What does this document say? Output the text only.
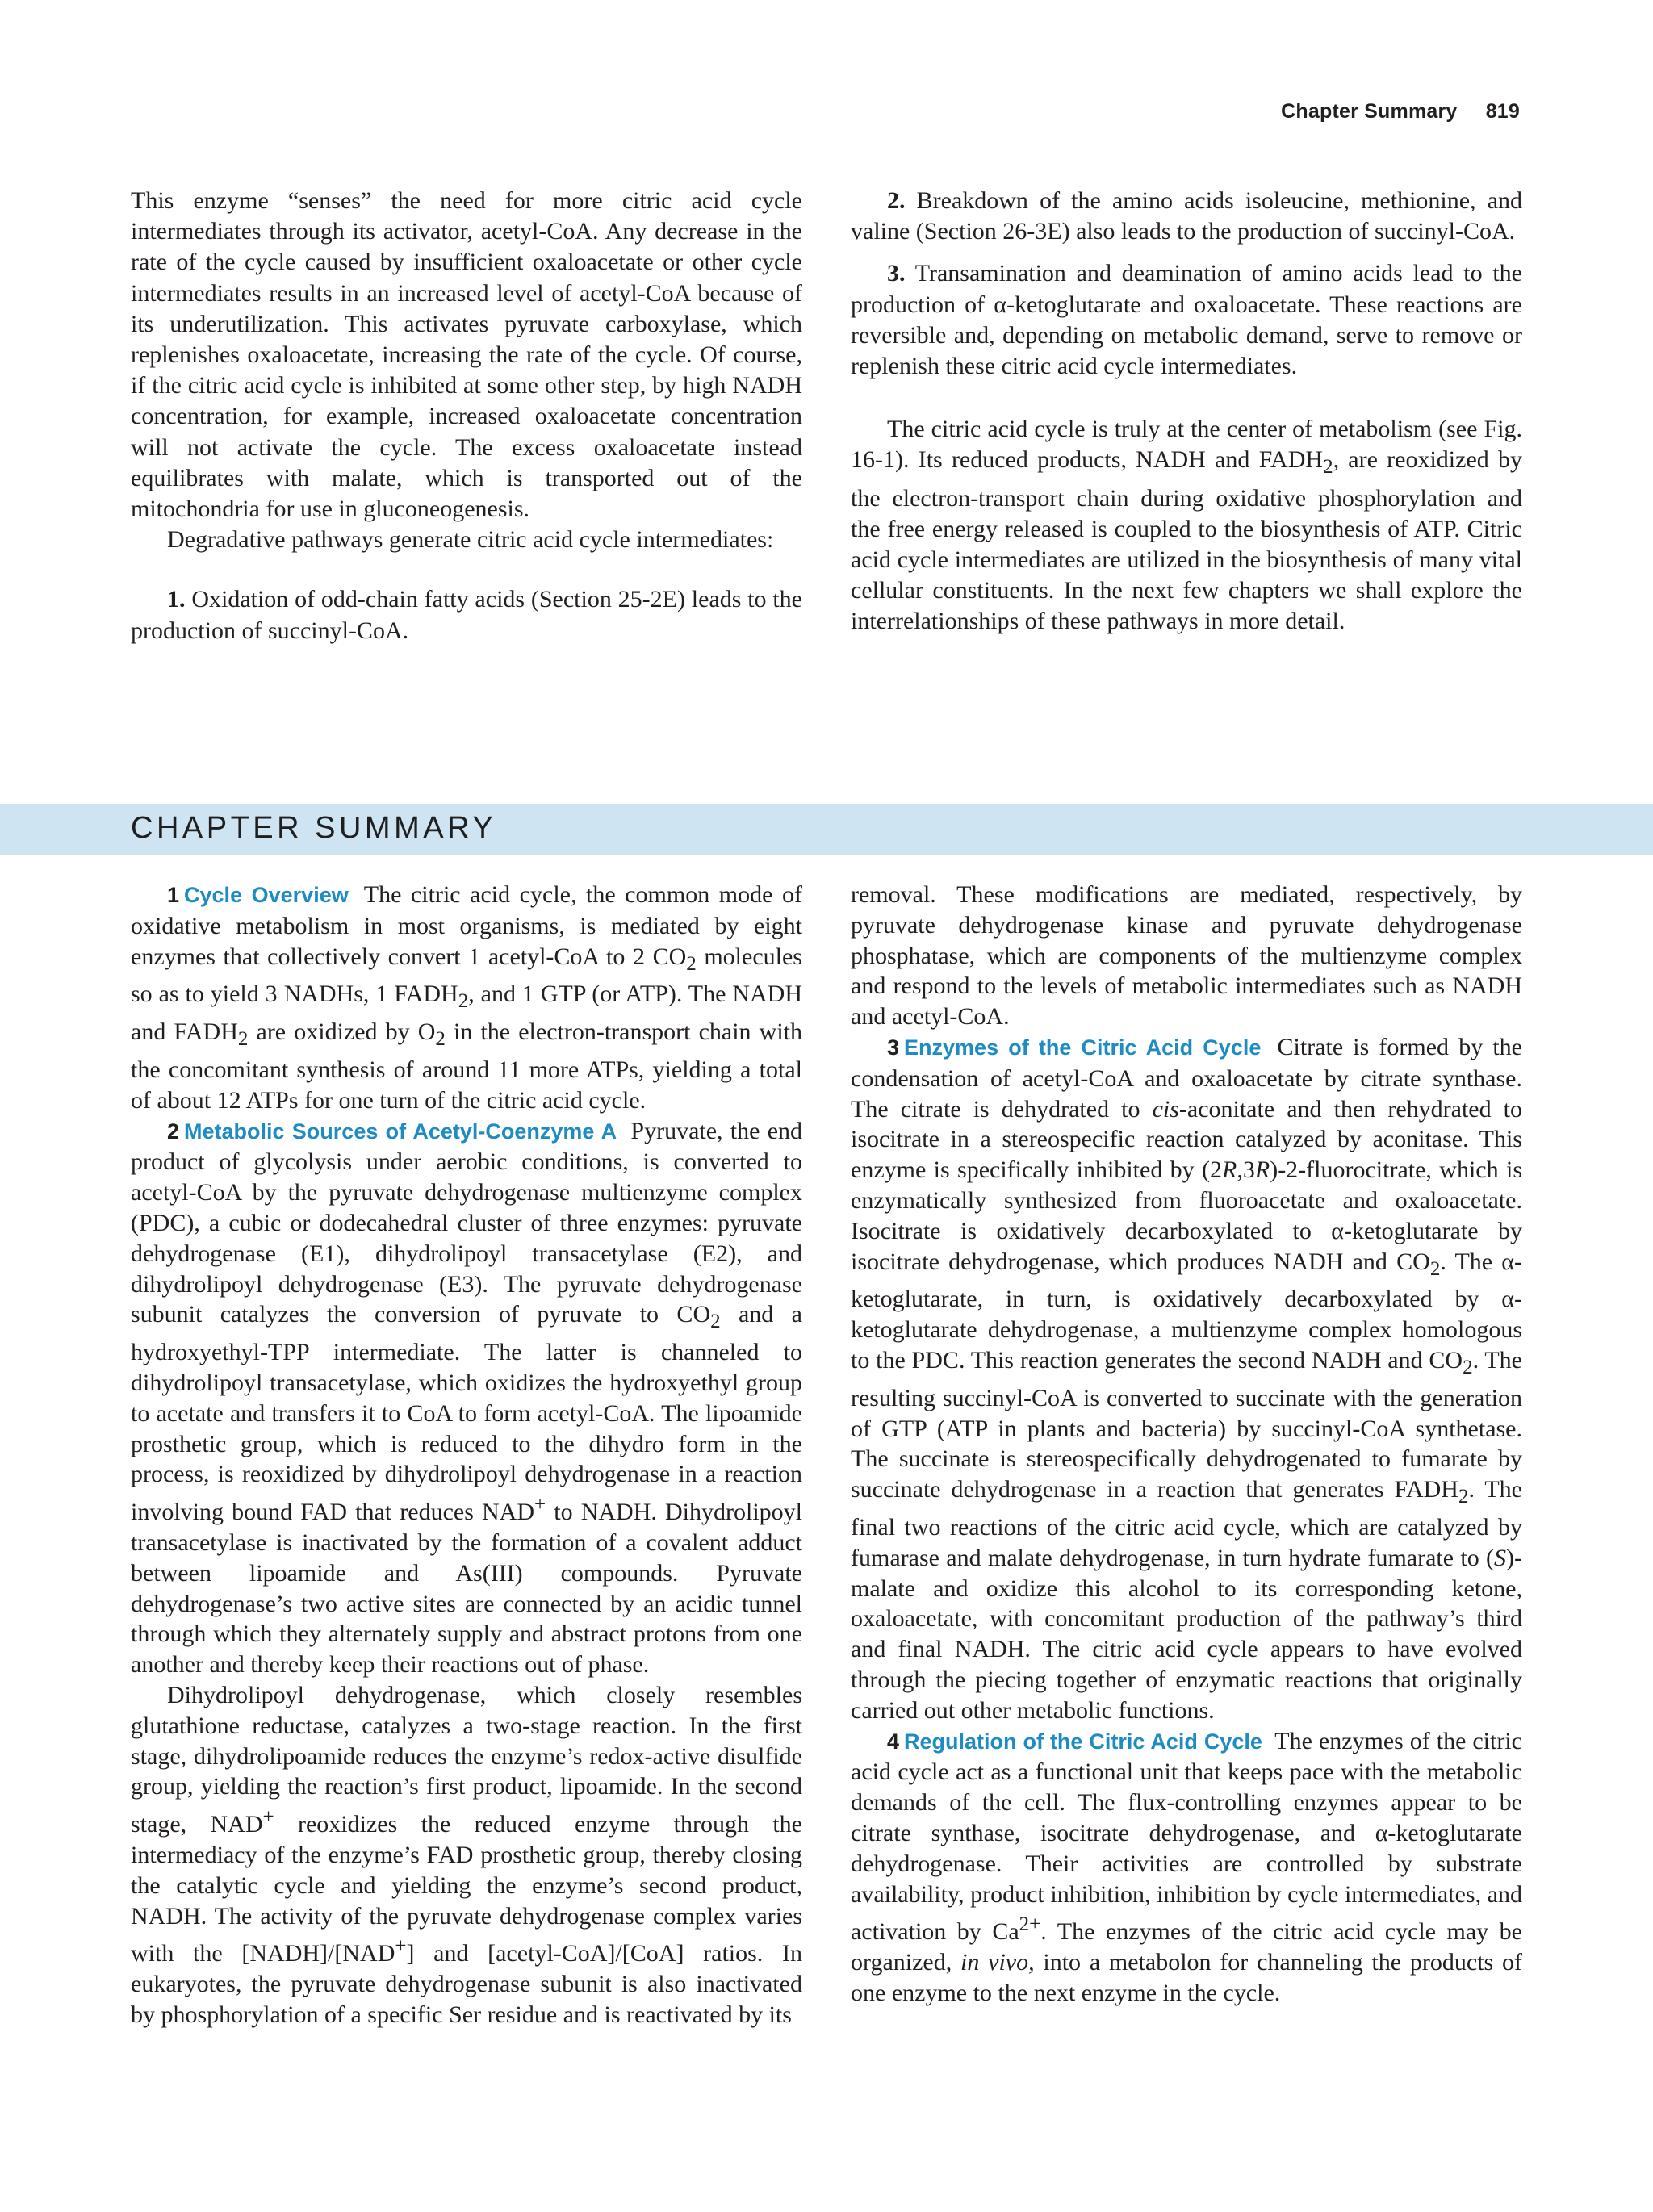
Chapter Summary 819

This enzyme “senses” the need for more citric acid cycle intermediates through its activator, acetyl-CoA. Any decrease in the rate of the cycle caused by insufficient oxaloacetate or other cycle intermediates results in an increased level of acetyl-CoA because of its underutilization. This activates pyruvate carboxylase, which replenishes oxaloacetate, increasing the rate of the cycle. Of course, if the citric acid cycle is inhibited at some other step, by high NADH concentration, for example, increased oxaloacetate concentration will not activate the cycle. The excess oxaloacetate instead equilibrates with malate, which is transported out of the mitochondria for use in gluconeogenesis.

Degradative pathways generate citric acid cycle intermediates:

1. Oxidation of odd-chain fatty acids (Section 25-2E) leads to the production of succinyl-CoA.

2. Breakdown of the amino acids isoleucine, methionine, and valine (Section 26-3E) also leads to the production of succinyl-CoA.

3. Transamination and deamination of amino acids lead to the production of α-ketoglutarate and oxaloacetate. These reactions are reversible and, depending on metabolic demand, serve to remove or replenish these citric acid cycle intermediates.

The citric acid cycle is truly at the center of metabolism (see Fig. 16-1). Its reduced products, NADH and $FADH_2$, are reoxidized by the electron-transport chain during oxidative phosphorylation and the free energy released is coupled to the biosynthesis of ATP. Citric acid cycle intermediates are utilized in the biosynthesis of many vital cellular constituents. In the next few chapters we shall explore the interrelationships of these pathways in more detail.

CHAPTER SUMMARY

1 Cycle Overview The citric acid cycle, the common mode of oxidative metabolism in most organisms, is mediated by eight enzymes that collectively convert 1 acetyl-CoA to 2 $CO_2$ molecules so as to yield 3 NADHs, 1 $FADH_2$, and 1 GTP (or ATP). The NADH and $FADH_2$ are oxidized by $O_2$ in the electron-transport chain with the concomitant synthesis of around 11 more ATPs, yielding a total of about 12 ATPs for one turn of the citric acid cycle.

2 Metabolic Sources of Acetyl-Coenzyme A Pyruvate, the end product of glycolysis under aerobic conditions, is converted to acetyl-CoA by the pyruvate dehydrogenase multienzyme complex (PDC), a cubic or dodecahedral cluster of three enzymes: pyruvate dehydrogenase (E1), dihydrolipoyl transacetylase (E2), and dihydrolipoyl dehydrogenase (E3). The pyruvate dehydrogenase subunit catalyzes the conversion of pyruvate to $CO_2$ and a hydroxyethyl-TPP intermediate. The latter is channeled to dihydrolipoyl transacetylase, which oxidizes the hydroxyethyl group to acetate and transfers it to CoA to form acetyl-CoA. The lipoamide prosthetic group, which is reduced to the dihydro form in the process, is reoxidized by dihydrolipoyl dehydrogenase in a reaction involving bound FAD that reduces NAD+ to NADH. Dihydrolipoyl transacetylase is inactivated by the formation of a covalent adduct between lipoamide and As(III) compounds. Pyruvate dehydrogenase’s two active sites are connected by an acidic tunnel through which they alternately supply and abstract protons from one another and thereby keep their reactions out of phase.

Dihydrolipoyl dehydrogenase, which closely resembles glutathione reductase, catalyzes a two-stage reaction. In the first stage, dihydrolipoamide reduces the enzyme’s redox-active disulfide group, yielding the reaction’s first product, lipoamide. In the second stage, NAD+ reoxidizes the reduced enzyme through the intermediacy of the enzyme’s FAD prosthetic group, thereby closing the catalytic cycle and yielding the enzyme’s second product, NADH. The activity of the pyruvate dehydrogenase complex varies with the [NADH]/[NAD+] and [acetyl-CoA]/[CoA] ratios. In eukaryotes, the pyruvate dehydrogenase subunit is also inactivated by phosphorylation of a specific Ser residue and is reactivated by its

removal. These modifications are mediated, respectively, by pyruvate dehydrogenase kinase and pyruvate dehydrogenase phosphatase, which are components of the multienzyme complex and respond to the levels of metabolic intermediates such as NADH and acetyl-CoA.

3 Enzymes of the Citric Acid Cycle Citrate is formed by the condensation of acetyl-CoA and oxaloacetate by citrate synthase. The citrate is dehydrated to cis-aconitate and then rehydrated to isocitrate in a stereospecific reaction catalyzed by aconitase. This enzyme is specifically inhibited by (2R,3R)-2-fluorocitrate, which is enzymatically synthesized from fluoroacetate and oxaloacetate. Isocitrate is oxidatively decarboxylated to α-ketoglutarate by isocitrate dehydrogenase, which produces NADH and $CO_2$. The α-ketoglutarate, in turn, is oxidatively decarboxylated by α-ketoglutarate dehydrogenase, a multienzyme complex homologous to the PDC. This reaction generates the second NADH and $CO_2$. The resulting succinyl-CoA is converted to succinate with the generation of GTP (ATP in plants and bacteria) by succinyl-CoA synthetase. The succinate is stereospecifically dehydrogenated to fumarate by succinate dehydrogenase in a reaction that generates $FADH_2$. The final two reactions of the citric acid cycle, which are catalyzed by fumarase and malate dehydrogenase, in turn hydrate fumarate to (S)-malate and oxidize this alcohol to its corresponding ketone, oxaloacetate, with concomitant production of the pathway’s third and final NADH. The citric acid cycle appears to have evolved through the piecing together of enzymatic reactions that originally carried out other metabolic functions.

4 Regulation of the Citric Acid Cycle The enzymes of the citric acid cycle act as a functional unit that keeps pace with the metabolic demands of the cell. The flux-controlling enzymes appear to be citrate synthase, isocitrate dehydrogenase, and α-ketoglutarate dehydrogenase. Their activities are controlled by substrate availability, product inhibition, inhibition by cycle intermediates, and activation by $Ca^{2+}$. The enzymes of the citric acid cycle may be organized, in vivo, into a metabolon for channeling the products of one enzyme to the next enzyme in the cycle.
